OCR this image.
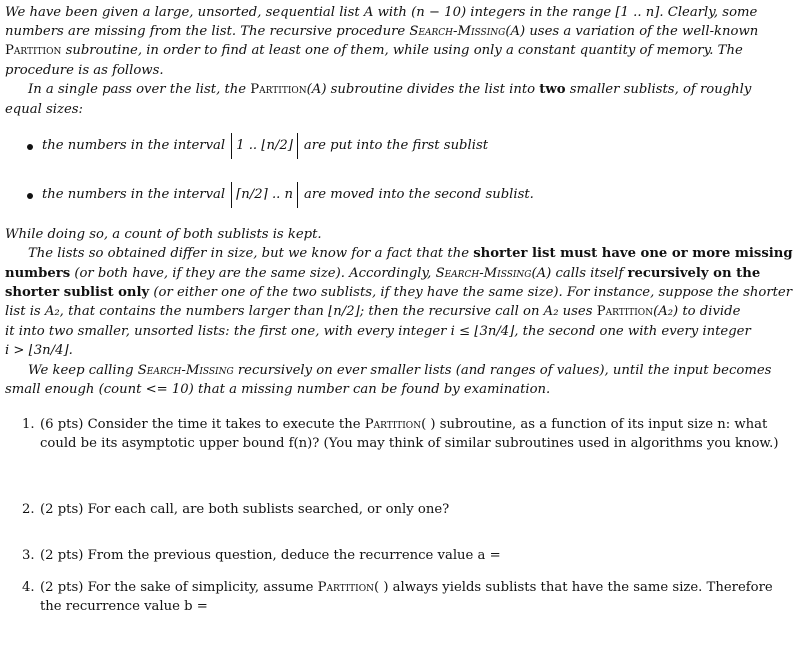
We have been given a large, unsorted, sequential list A with (n − 10) integers in the range [1 .. n]. Clearly, some
numbers are missing from the list. The recursive procedure Search-Missing(A) uses a variation of the well-known
Partition subroutine, in order to find at least one of them, while using only a constant quantity of memory. The
procedure is as follows.
In a single pass over the list, the Partition(A) subroutine divides the list into two smaller sublists, of roughly
equal sizes:
the numbers in the interval 1 .. ⌊n/2⌋ are put into the first sublist
the numbers in the interval ⌈n/2⌉ .. n are moved into the second sublist.
While doing so, a count of both sublists is kept.
The lists so obtained differ in size, but we know for a fact that the shorter list must have one or more missing
numbers (or both have, if they are the same size). Accordingly, Search-Missing(A) calls itself recursively on the
shorter sublist only (or either one of the two sublists, if they have the same size). For instance, suppose the shorter
list is A₂, that contains the numbers larger than ⌊n/2⌋; then the recursive call on A₂ uses Partition(A₂) to divide
it into two smaller, unsorted lists: the first one, with every integer i ≤ ⌊3n/4⌋, the second one with every integer
i > ⌊3n/4⌋.
We keep calling Search-Missing recursively on ever smaller lists (and ranges of values), until the input becomes
small enough (count <= 10) that a missing number can be found by examination.
1. (6 pts) Consider the time it takes to execute the Partition( ) subroutine, as a function of its input size n: what
could be its asymptotic upper bound f(n)? (You may think of similar subroutines used in algorithms you know.)
2. (2 pts) For each call, are both sublists searched, or only one?
3. (2 pts) From the previous question, deduce the recurrence value a =
4. (2 pts) For the sake of simplicity, assume Partition( ) always yields sublists that have the same size. Therefore
the recurrence value b =
